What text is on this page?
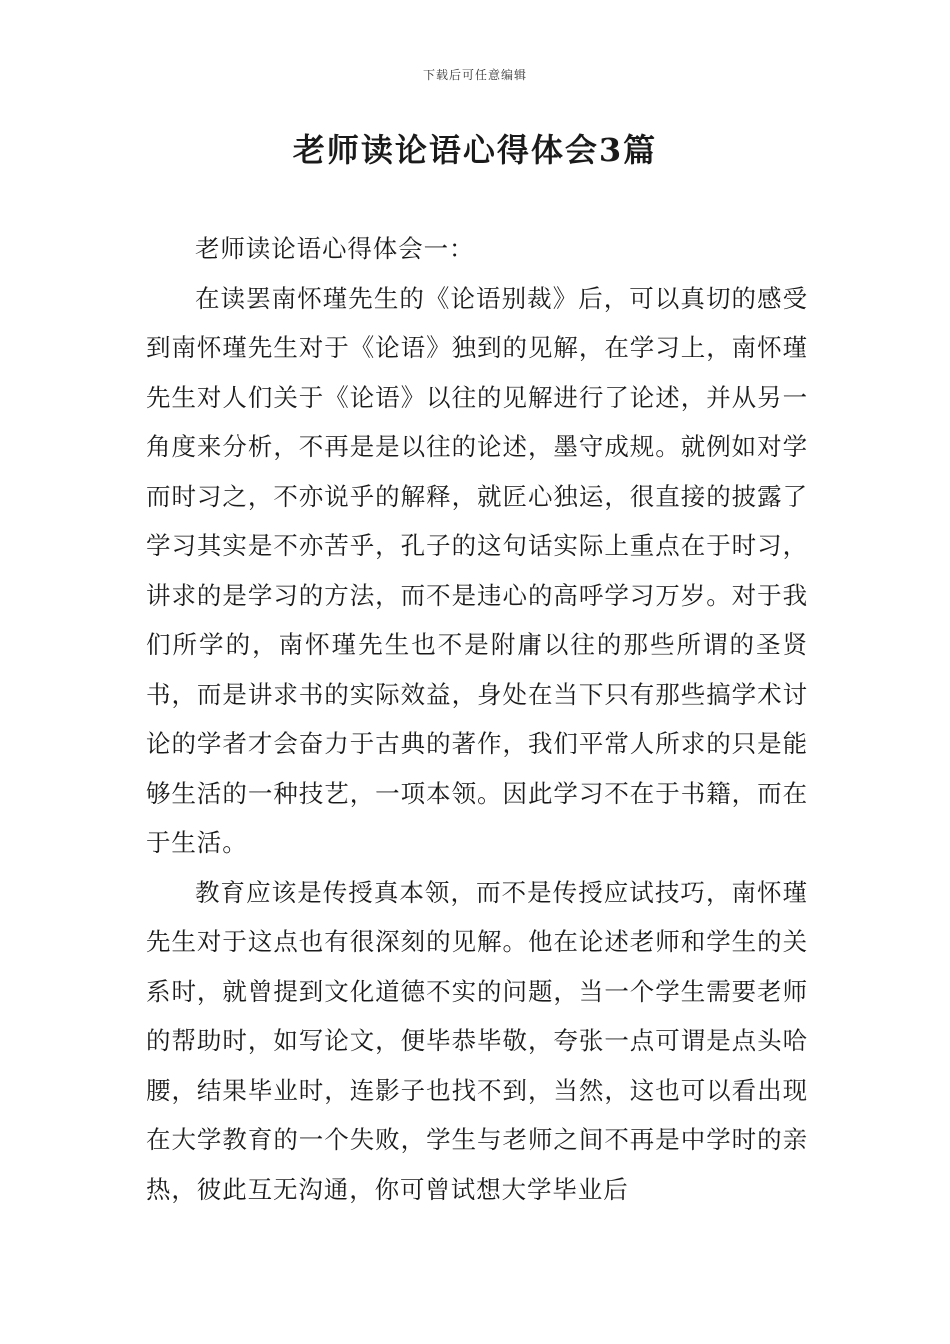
下载后可任意编辑
老师读论语心得体会3篇

老师读论语心得体会一：

在读罢南怀瑾先生的《论语别裁》后，可以真切的感受到南怀瑾先生对于《论语》独到的见解，在学习上，南怀瑾先生对人们关于《论语》以往的见解进行了论述，并从另一角度来分析，不再是是以往的论述，墨守成规。就例如对学而时习之，不亦说乎的解释，就匠心独运，很直接的披露了学习其实是不亦苦乎，孔子的这句话实际上重点在于时习，讲求的是学习的方法，而不是违心的高呼学习万岁。对于我们所学的，南怀瑾先生也不是附庸以往的那些所谓的圣贤书，而是讲求书的实际效益，身处在当下只有那些搞学术讨论的学者才会奋力于古典的著作，我们平常人所求的只是能够生活的一种技艺，一项本领。因此学习不在于书籍，而在于生活。

教育应该是传授真本领，而不是传授应试技巧，南怀瑾先生对于这点也有很深刻的见解。他在论述老师和学生的关系时，就曾提到文化道德不实的问题，当一个学生需要老师的帮助时，如写论文，便毕恭毕敬，夸张一点可谓是点头哈腰，结果毕业时，连影子也找不到，当然，这也可以看出现在大学教育的一个失败，学生与老师之间不再是中学时的亲热，彼此互无沟通，你可曾试想大学毕业后
